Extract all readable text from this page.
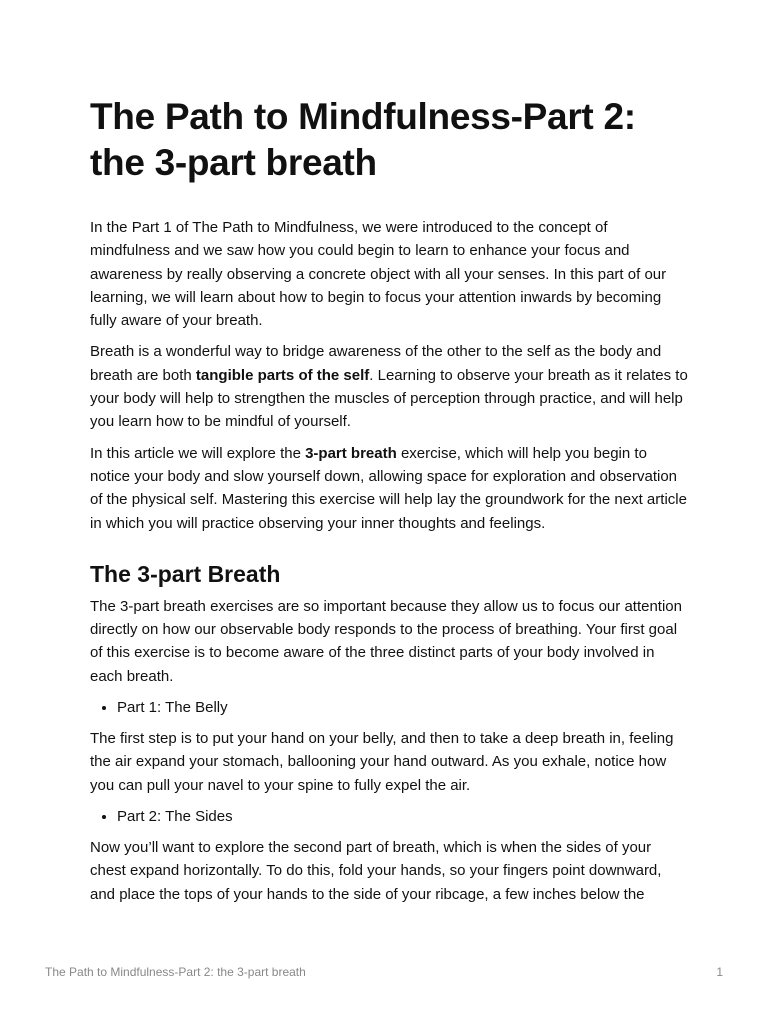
The Path to Mindfulness-Part 2: the 3-part breath

In the Part 1 of The Path to Mindfulness, we were introduced to the concept of mindfulness and we saw how you could begin to learn to enhance your focus and awareness by really observing a concrete object with all your senses. In this part of our learning, we will learn about how to begin to focus your attention inwards by becoming fully aware of your breath.

Breath is a wonderful way to bridge awareness of the other to the self as the body and breath are both tangible parts of the self. Learning to observe your breath as it relates to your body will help to strengthen the muscles of perception through practice, and will help you learn how to be mindful of yourself.

In this article we will explore the 3-part breath exercise, which will help you begin to notice your body and slow yourself down, allowing space for exploration and observation of the physical self. Mastering this exercise will help lay the groundwork for the next article in which you will practice observing your inner thoughts and feelings.

The 3-part Breath

The 3-part breath exercises are so important because they allow us to focus our attention directly on how our observable body responds to the process of breathing. Your first goal of this exercise is to become aware of the three distinct parts of your body involved in each breath.

• Part 1: The Belly

The first step is to put your hand on your belly, and then to take a deep breath in, feeling the air expand your stomach, ballooning your hand outward. As you exhale, notice how you can pull your navel to your spine to fully expel the air.

• Part 2: The Sides

Now you’ll want to explore the second part of breath, which is when the sides of your chest expand horizontally. To do this, fold your hands, so your fingers point downward, and place the tops of your hands to the side of your ribcage, a few inches below the

The Path to Mindfulness-Part 2: the 3-part breath	1
